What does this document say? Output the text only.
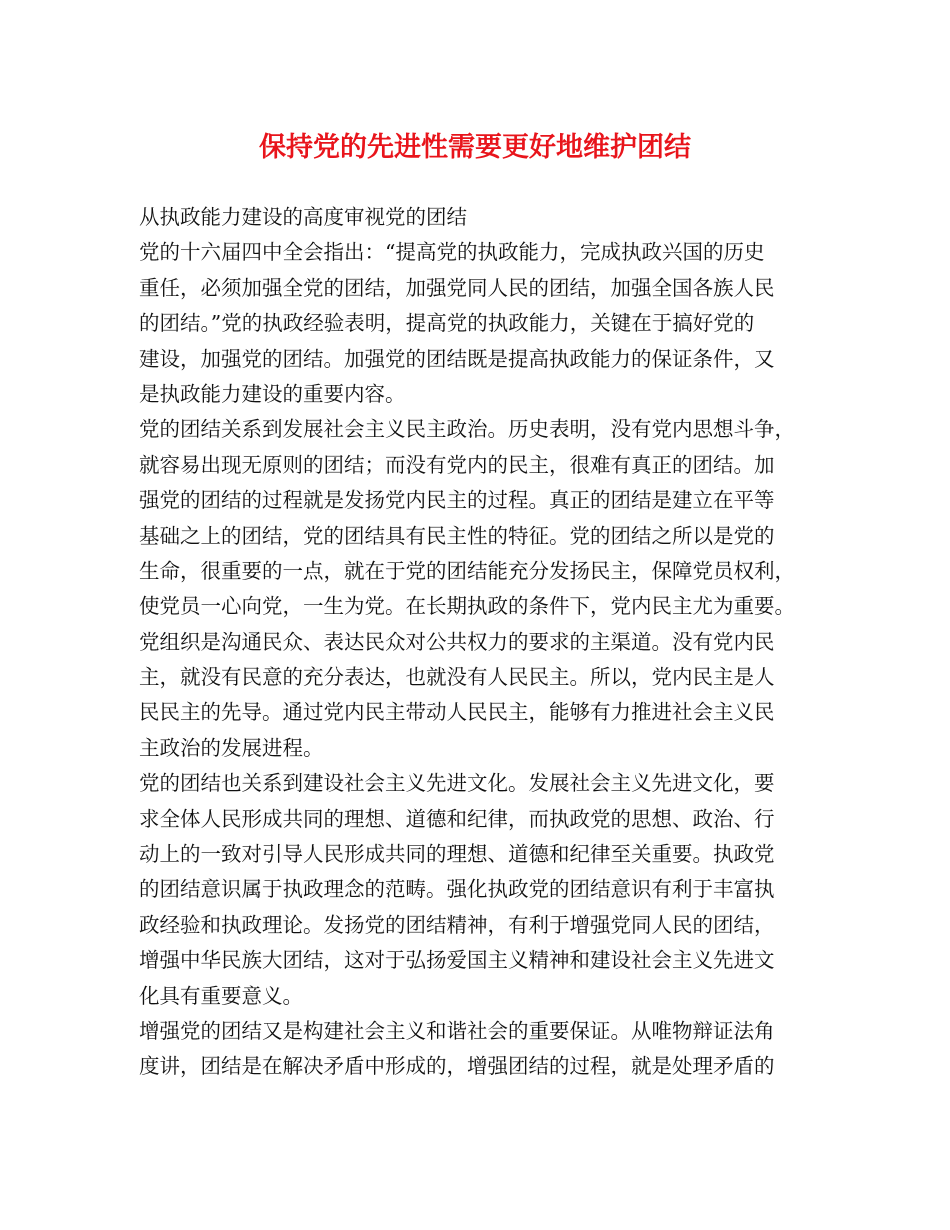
保持党的先进性需要更好地维护团结

从执政能力建设的高度审视党的团结

党的十六届四中全会指出：“提高党的执政能力，完成执政兴国的历史

重任，必须加强全党的团结，加强党同人民的团结，加强全国各族人民

的团结。”党的执政经验表明，提高党的执政能力，关键在于搞好党的

建设，加强党的团结。加强党的团结既是提高执政能力的保证条件，又

是执政能力建设的重要内容。

党的团结关系到发展社会主义民主政治。历史表明，没有党内思想斗争，

就容易出现无原则的团结；而没有党内的民主，很难有真正的团结。加

强党的团结的过程就是发扬党内民主的过程。真正的团结是建立在平等

基础之上的团结，党的团结具有民主性的特征。党的团结之所以是党的

生命，很重要的一点，就在于党的团结能充分发扬民主，保障党员权利，

使党员一心向党，一生为党。在长期执政的条件下，党内民主尤为重要。

党组织是沟通民众、表达民众对公共权力的要求的主渠道。没有党内民

主，就没有民意的充分表达，也就没有人民民主。所以，党内民主是人

民民主的先导。通过党内民主带动人民民主，能够有力推进社会主义民

主政治的发展进程。

党的团结也关系到建设社会主义先进文化。发展社会主义先进文化，要

求全体人民形成共同的理想、道德和纪律，而执政党的思想、政治、行

动上的一致对引导人民形成共同的理想、道德和纪律至关重要。执政党

的团结意识属于执政理念的范畴。强化执政党的团结意识有利于丰富执

政经验和执政理论。发扬党的团结精神，有利于增强党同人民的团结，

增强中华民族大团结，这对于弘扬爱国主义精神和建设社会主义先进文

化具有重要意义。

增强党的团结又是构建社会主义和谐社会的重要保证。从唯物辩证法角

度讲，团结是在解决矛盾中形成的，增强团结的过程，就是处理矛盾的
